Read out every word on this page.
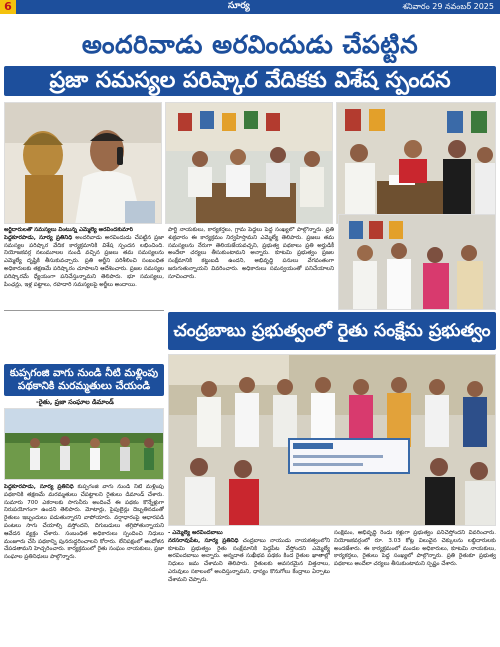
6	సూర్య	శనివారం 29 నవంబర్ 2025
అందరివాడు అరవిందుడు చేపట్టిన
ప్రజా సమస్యల పరిష్కార వేదికకు విశేష స్పందన
అర్జీదారులతో సమస్యలు వింటున్న ఎమ్మెల్యే అరవిందకుమార్
పెద్దకూరపాడు, సూర్య ప్రతినిధి అందరివాడు అరవిందుడు చేపట్టిన ప్రజా సమస్యల పరిష్కార వేదిక కార్యక్రమానికి విశేష స్పందన లభించింది. నియోజకవర్గ నలుమూలల నుండి వచ్చిన ప్రజలు తమ సమస్యలను ఎమ్మెల్యే దృష్టికి తీసుకువచ్చారు. ప్రతి అర్జీని పరిశీలించి సంబంధిత అధికారులకు తక్షణమే పరిష్కారం చూపాలని ఆదేశించారు. ప్రజల సమస్యల పరిష్కారమే ధ్యేయంగా పనిచేస్తున్నామని తెలిపారు. భూ సమస్యలు, పింఛన్లు, ఇళ్ల పట్టాలు, రహదారి సమస్యలపై అర్జీలు అందాయి.
పార్టీ నాయకులు, కార్యకర్తలు, గ్రామ పెద్దలు పెద్ద సంఖ్యలో పాల్గొన్నారు. ప్రతి శుక్రవారం ఈ కార్యక్రమం నిర్వహిస్తామని ఎమ్మెల్యే తెలిపారు. ప్రజలు తమ సమస్యలను నేరుగా తెలియజేయవచ్చని, ప్రభుత్వ పథకాలు ప్రతి అర్హుడికీ అందేలా చర్యలు తీసుకుంటామని అన్నారు. కూటమి ప్రభుత్వం ప్రజల సంక్షేమానికి కట్టుబడి ఉందని, అభివృద్ధి పనులు వేగవంతంగా జరుగుతున్నాయని వివరించారు. అధికారులు సమన్వయంతో పనిచేయాలని సూచించారు.
కుప్పగంజి వాగు నుండి నీటి మళ్లింపు పథకానికి మరమ్మతులు చేయండి
-రైతు, ప్రజా సంఘాల డిమాండ్
పెద్దకూరపాడు, సూర్య ప్రతినిధి కుప్పగంజి వాగు నుండి నీటి మళ్లింపు పథకానికి తక్షణమే మరమ్మతులు చేపట్టాలని రైతులు డిమాండ్ చేశారు. సుమారు 700 ఎకరాలకు సాగునీరు అందించే ఈ పథకం కొన్నేళ్లుగా నిరుపయోగంగా ఉందని తెలిపారు. మోటార్లు, పైపులైన్లు దెబ్బతినడంతో రైతులు ఇబ్బందులు పడుతున్నారని వాపోయారు. వర్షాధారంపై ఆధారపడి పంటలు సాగు చేయాల్సి వస్తోందని, దిగుబడులు తగ్గిపోతున్నాయని ఆవేదన వ్యక్తం చేశారు. సంబంధిత అధికారులు స్పందించి నిధులు మంజూరు చేసి పథకాన్ని పునరుద్ధరించాలని కోరారు. లేనిపక్షంలో ఆందోళన చేపడతామని హెచ్చరించారు. కార్యక్రమంలో రైతు సంఘం నాయకులు, ప్రజా సంఘాల ప్రతినిధులు పాల్గొన్నారు.
చంద్రబాబు ప్రభుత్వంలో రైతు సంక్షేమ ప్రభుత్వం
- ఎమ్మెల్యే అరవిందబాబు
నరసరావుపేట, సూర్య ప్రతినిధి చంద్రబాబు నాయుడు నాయకత్వంలోని కూటమి ప్రభుత్వం రైతు సంక్షేమానికి పెద్దపీట వేస్తోందని ఎమ్మెల్యే అరవిందబాబు అన్నారు. అన్నదాత సుఖీభవ పథకం కింద రైతుల ఖాతాల్లో నిధులు జమ చేశామని తెలిపారు. రైతులకు అవసరమైన విత్తనాలు, ఎరువులు సకాలంలో అందిస్తున్నామని, ధాన్యం కొనుగోలు కేంద్రాలు ఏర్పాటు చేశామని చెప్పారు.
సంక్షేమం, అభివృద్ధి రెండు కళ్లుగా ప్రభుత్వం పనిచేస్తోందని వివరించారు. నియోజకవర్గంలో రూ. 3.03 కోట్ల విలువైన చెక్కులను లబ్ధిదారులకు అందజేశారు. ఈ కార్యక్రమంలో మండల అధికారులు, కూటమి నాయకులు, కార్యకర్తలు, రైతులు పెద్ద సంఖ్యలో పాల్గొన్నారు. ప్రతి రైతుకూ ప్రభుత్వ పథకాలు అందేలా చర్యలు తీసుకుంటామని స్పష్టం చేశారు.
